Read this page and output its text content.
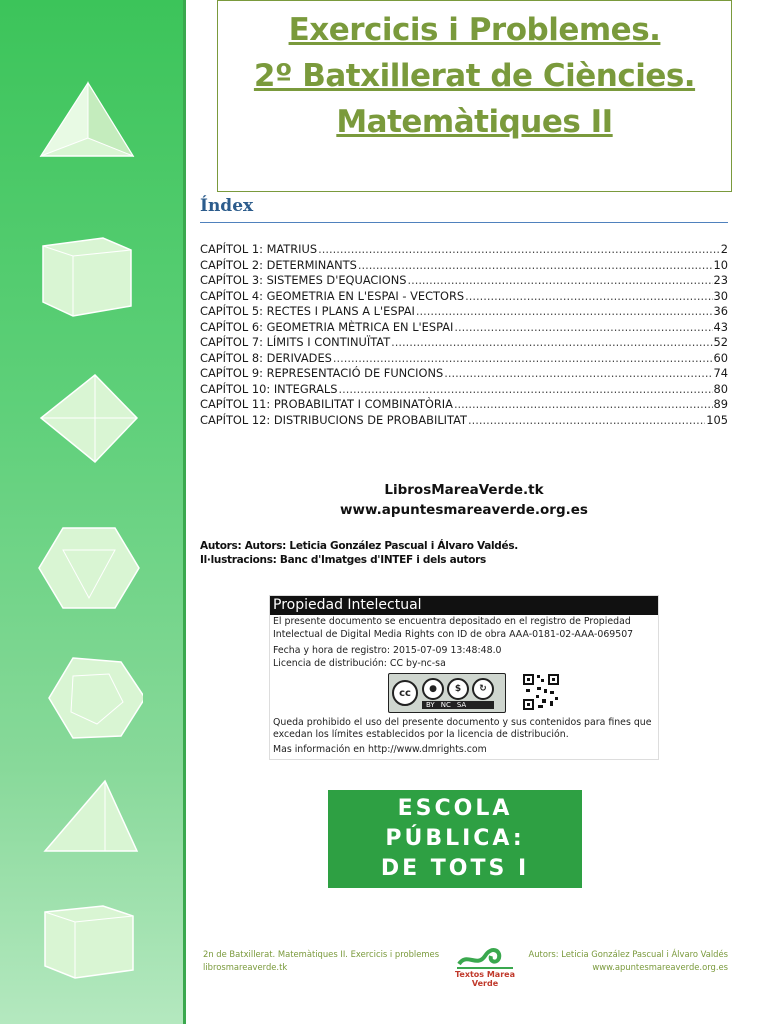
Exercicis i Problemes.
2º Batxillerat de Ciències.
Matemàtiques II
Índex
CAPÍTOL 1: MATRIUS .....	2
CAPÍTOL 2: DETERMINANTS .....	10
CAPÍTOL 3: SISTEMES D'EQUACIONS .....	23
CAPÍTOL 4: GEOMETRIA EN L'ESPAI - VECTORS .....	30
CAPÍTOL 5: RECTES I PLANS A L'ESPAI .....	36
CAPÍTOL 6: GEOMETRIA MÈTRICA EN L'ESPAI .....	43
CAPÍTOL 7: LÍMITS I CONTINUÏTAT .....	52
CAPÍTOL 8: DERIVADES .....	60
CAPÍTOL 9: REPRESENTACIÓ DE FUNCIONS .....	74
CAPÍTOL 10: INTEGRALS .....	80
CAPÍTOL 11: PROBABILITAT I COMBINATÒRIA .....	89
CAPÍTOL 12: DISTRIBUCIONS DE PROBABILITAT .....	105
LibrosMareaVerde.tk
www.apuntesmareaverde.org.es
Autors: Autors: Leticia González Pascual i Álvaro Valdés.
Il·lustracions: Banc d'Imatges d'INTEF i dels autors
Propiedad Intelectual
El presente documento se encuentra depositado en el registro de Propiedad
Intelectual de Digital Media Rights con ID de obra AAA-0181-02-AAA-069507
Fecha y hora de registro: 2015-07-09 13:48:48.0
Licencia de distribución: CC by-nc-sa
cc	●	$	↻
BY NC SA
Queda prohibido el uso del presente documento y sus contenidos para fines que
excedan los límites establecidos por la licencia de distribución.
Mas información en http://www.dmrights.com
ESCOLA PÚBLICA:
DE TOTS I
PER A TOTS
2n de Batxillerat. Matemàtiques II. Exercicis i problemes
librosmareaverde.tk
Textos Marea Verde
Autors: Leticia González Pascual i Álvaro Valdés
www.apuntesmareaverde.org.es
